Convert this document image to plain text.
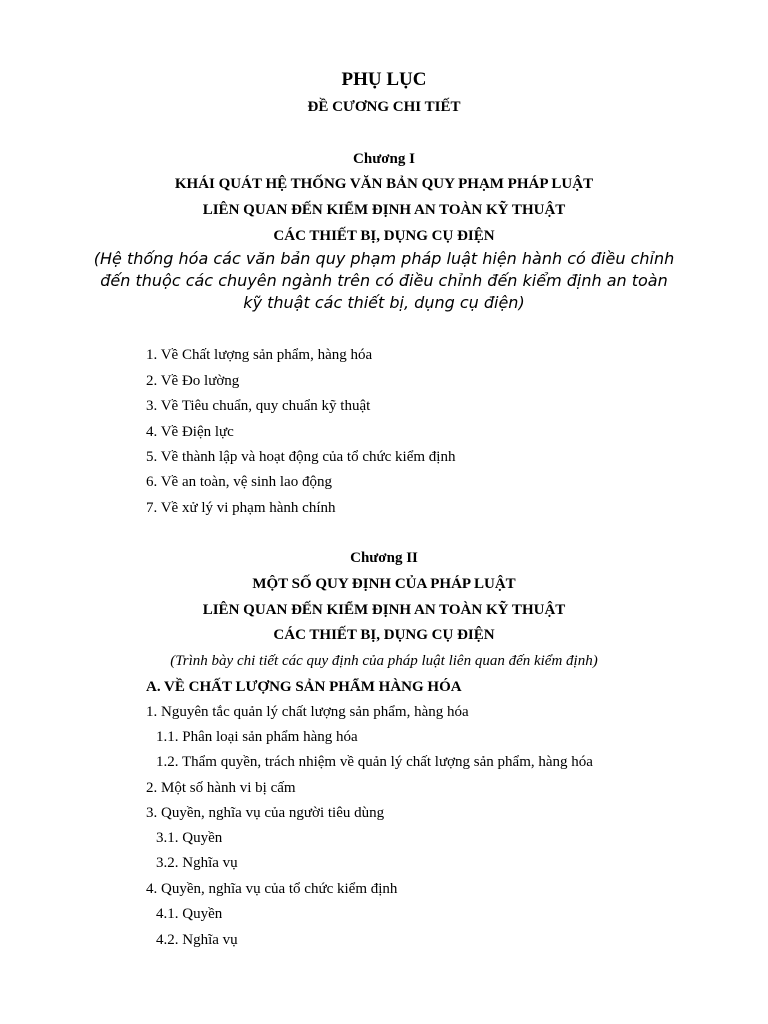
PHỤ LỤC
ĐỀ CƯƠNG CHI TIẾT
Chương I
KHÁI QUÁT HỆ THỐNG VĂN BẢN QUY PHẠM PHÁP LUẬT
LIÊN QUAN ĐẾN KIỂM ĐỊNH AN TOÀN KỸ THUẬT
CÁC THIẾT BỊ, DỤNG CỤ ĐIỆN
(Hệ thống hóa các văn bản quy phạm pháp luật hiện hành có điều chỉnh
đến thuộc các chuyên ngành trên có điều chỉnh đến kiểm định an toàn
kỹ thuật các thiết bị, dụng cụ điện)
1. Về Chất lượng sản phẩm, hàng hóa
2. Về Đo lường
3. Về Tiêu chuẩn, quy chuẩn kỹ thuật
4. Về Điện lực
5. Về thành lập và hoạt động của tổ chức kiểm định
6. Về an toàn, vệ sinh lao động
7. Về xử lý vi phạm hành chính
Chương II
MỘT SỐ QUY ĐỊNH CỦA PHÁP LUẬT
LIÊN QUAN ĐẾN KIỂM ĐỊNH AN TOÀN KỸ THUẬT
CÁC THIẾT BỊ, DỤNG CỤ ĐIỆN
(Trình bày chi tiết các quy định của pháp luật liên quan đến kiểm định)
A. VỀ CHẤT LƯỢNG SẢN PHẨM HÀNG HÓA
1. Nguyên tắc quản lý chất lượng sản phẩm, hàng hóa
1.1. Phân loại sản phẩm hàng hóa
1.2. Thẩm quyền, trách nhiệm về quản lý chất lượng sản phẩm, hàng hóa
2. Một số hành vi bị cấm
3. Quyền, nghĩa vụ của người tiêu dùng
3.1. Quyền
3.2. Nghĩa vụ
4. Quyền, nghĩa vụ của tổ chức kiểm định
4.1. Quyền
4.2. Nghĩa vụ
